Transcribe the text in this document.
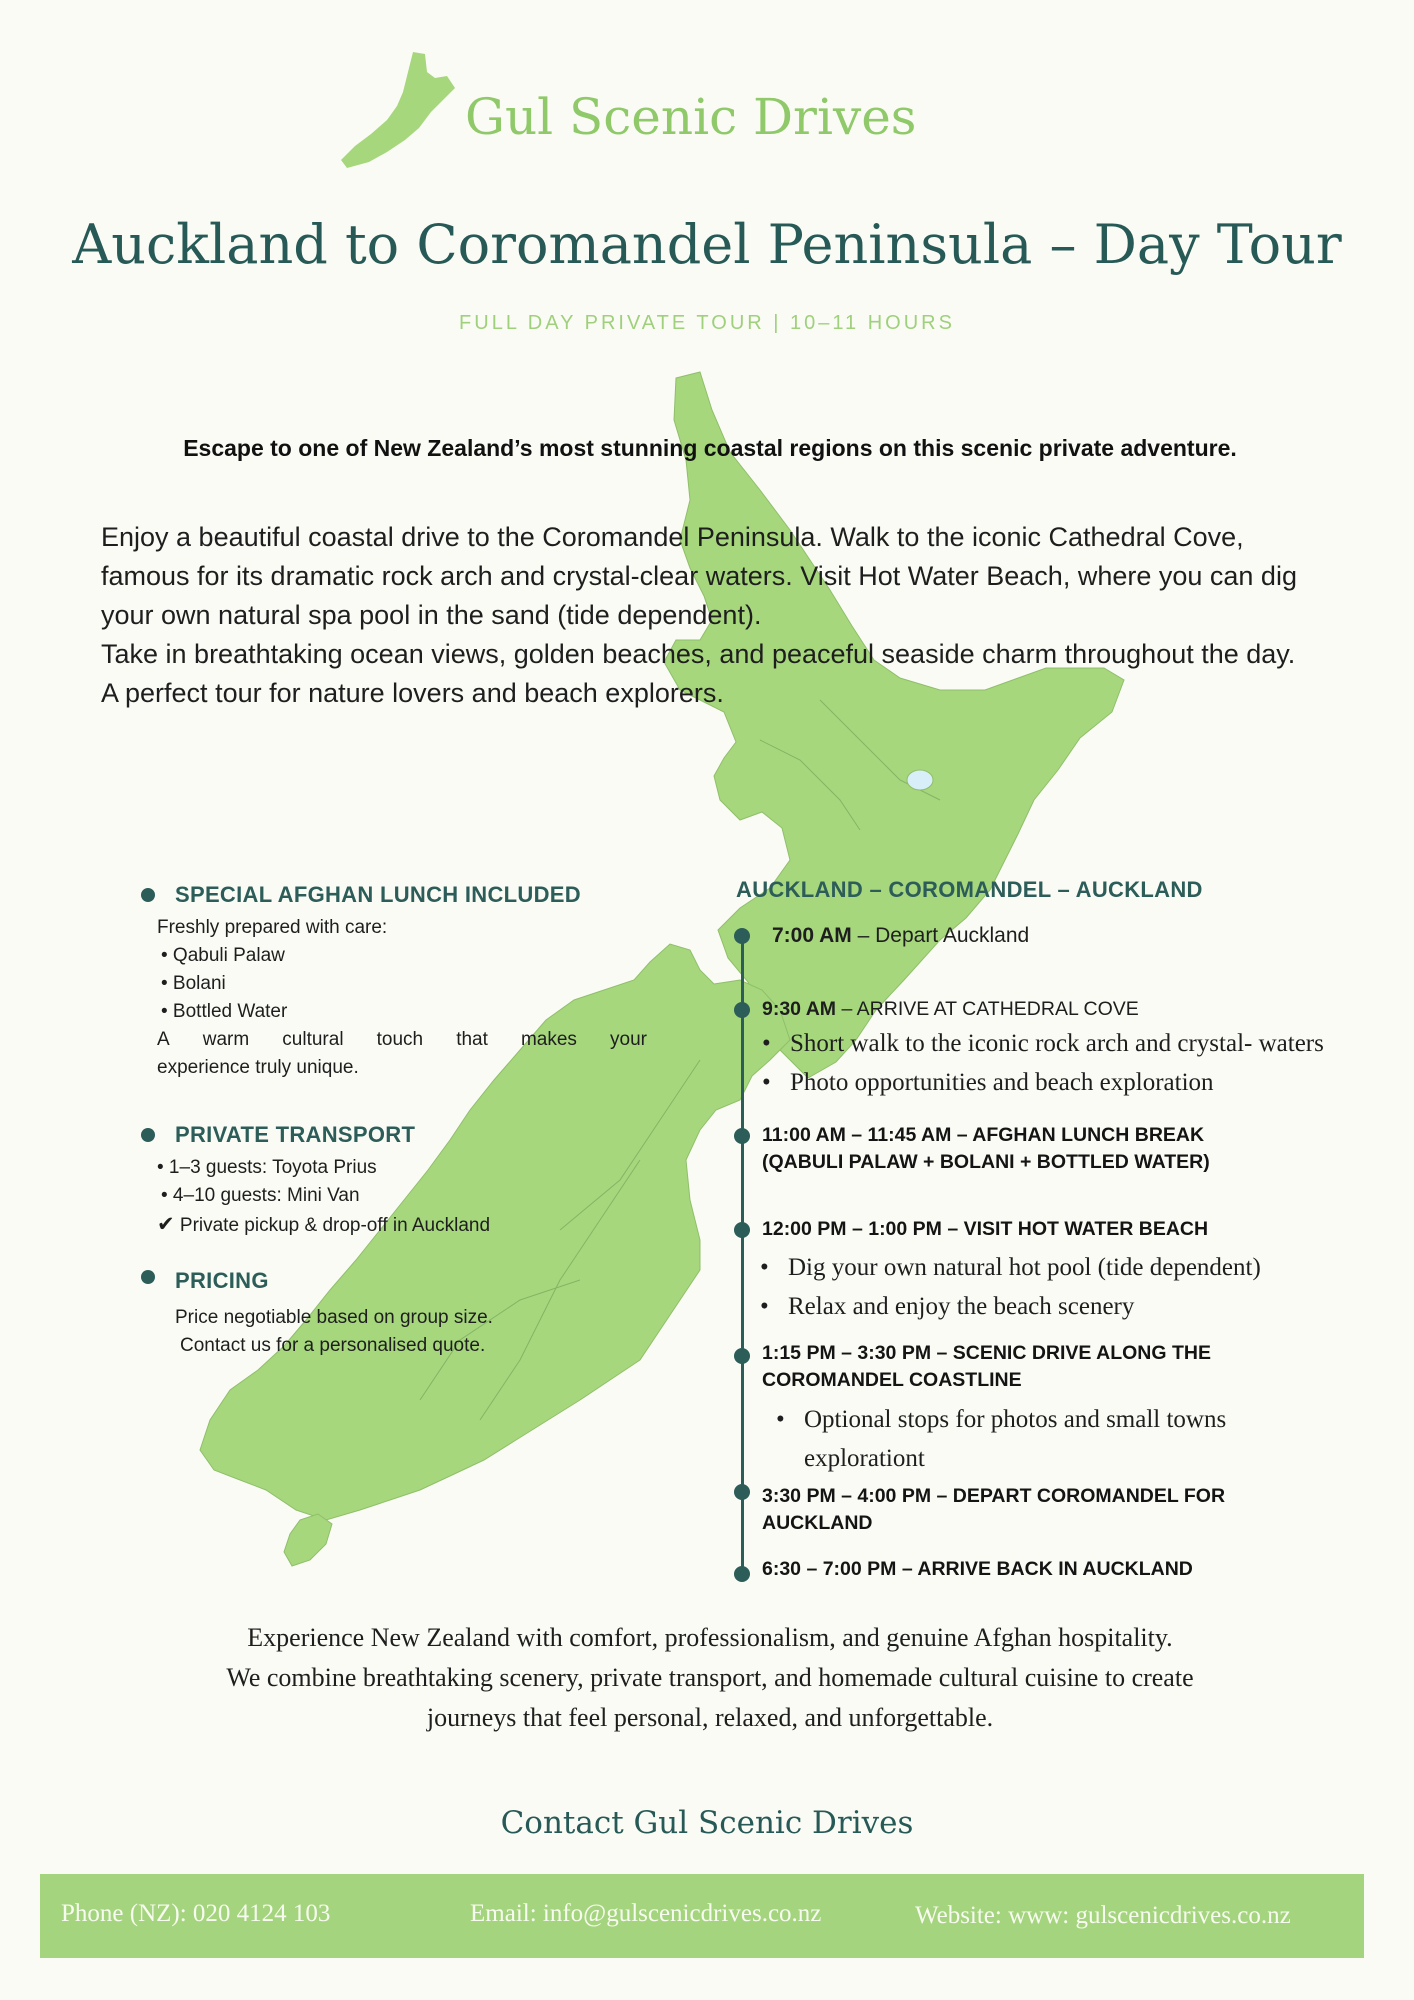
Gul Scenic Drives
Auckland to Coromandel Peninsula – Day Tour
FULL DAY PRIVATE TOUR | 10–11 HOURS
Escape to one of New Zealand’s most stunning coastal regions on this scenic private adventure.

Enjoy a beautiful coastal drive to the Coromandel Peninsula. Walk to the iconic Cathedral Cove, famous for its dramatic rock arch and crystal-clear waters. Visit Hot Water Beach, where you can dig your own natural spa pool in the sand (tide dependent).

Take in breathtaking ocean views, golden beaches, and peaceful seaside charm throughout the day.

A perfect tour for nature lovers and beach explorers.

SPECIAL AFGHAN LUNCH INCLUDED
Freshly prepared with care:
• Qabuli Palaw
• Bolani
• Bottled Water
A warm cultural touch that makes your
experience truly unique.
PRIVATE TRANSPORT
• 1–3 guests: Toyota Prius
• 4–10 guests: Mini Van
✔ Private pickup & drop-off in Auckland
PRICING
Price negotiable based on group size.
Contact us for a personalised quote.
AUCKLAND – COROMANDEL – AUCKLAND
7:00 AM – Depart Auckland
9:30 AM – ARRIVE AT CATHEDRAL COVE
• Short walk to the iconic rock arch and crystal- waters
• Photo opportunities and beach exploration
11:00 AM – 11:45 AM – AFGHAN LUNCH BREAK
(QABULI PALAW + BOLANI + BOTTLED WATER)
12:00 PM – 1:00 PM – VISIT HOT WATER BEACH
• Dig your own natural hot pool (tide dependent)
• Relax and enjoy the beach scenery
1:15 PM – 3:30 PM – SCENIC DRIVE ALONG THE
COROMANDEL COASTLINE
• Optional stops for photos and small towns explorationt
3:30 PM – 4:00 PM – DEPART COROMANDEL FOR
AUCKLAND
6:30 – 7:00 PM – ARRIVE BACK IN AUCKLAND
Experience New Zealand with comfort, professionalism, and genuine Afghan hospitality.
We combine breathtaking scenery, private transport, and homemade cultural cuisine to create
journeys that feel personal, relaxed, and unforgettable.
Contact Gul Scenic Drives
Phone (NZ): 020 4124 103	Email: info@gulscenicdrives.co.nz	Website: www: gulscenicdrives.co.nz
